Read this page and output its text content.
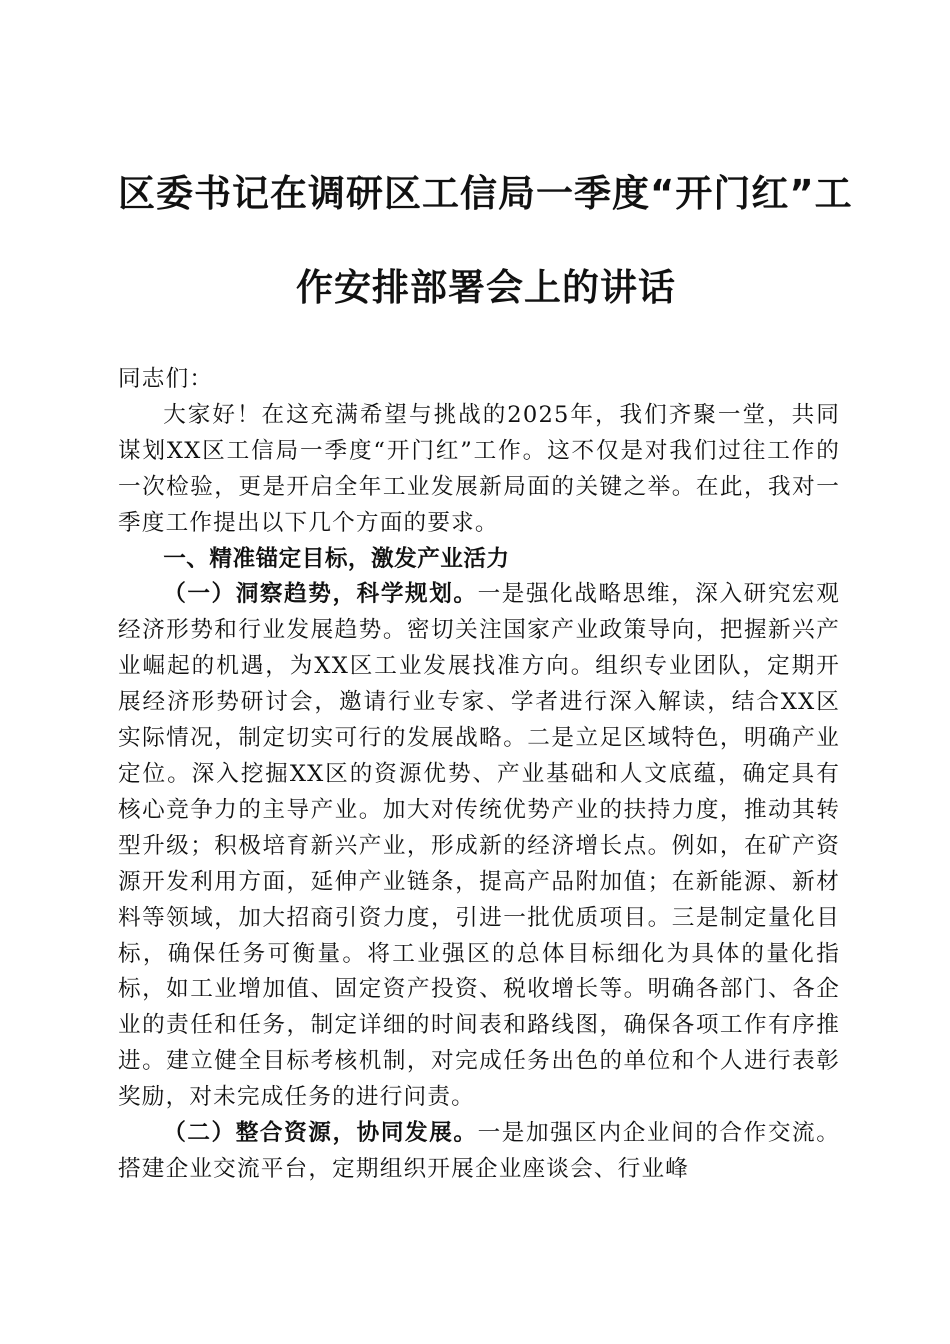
区委书记在调研区工信局一季度“开门红”工
作安排部署会上的讲话

同志们：

大家好！在这充满希望与挑战的2025年，我们齐聚一堂，共同谋划XX区工信局一季度“开门红”工作。这不仅是对我们过往工作的一次检验，更是开启全年工业发展新局面的关键之举。在此，我对一季度工作提出以下几个方面的要求。

一、精准锚定目标，激发产业活力

（一）洞察趋势，科学规划。一是强化战略思维，深入研究宏观经济形势和行业发展趋势。密切关注国家产业政策导向，把握新兴产业崛起的机遇，为XX区工业发展找准方向。组织专业团队，定期开展经济形势研讨会，邀请行业专家、学者进行深入解读，结合XX区实际情况，制定切实可行的发展战略。二是立足区域特色，明确产业定位。深入挖掘XX区的资源优势、产业基础和人文底蕴，确定具有核心竞争力的主导产业。加大对传统优势产业的扶持力度，推动其转型升级；积极培育新兴产业，形成新的经济增长点。例如，在矿产资源开发利用方面，延伸产业链条，提高产品附加值；在新能源、新材料等领域，加大招商引资力度，引进一批优质项目。三是制定量化目标，确保任务可衡量。将工业强区的总体目标细化为具体的量化指标，如工业增加值、固定资产投资、税收增长等。明确各部门、各企业的责任和任务，制定详细的时间表和路线图，确保各项工作有序推进。建立健全目标考核机制，对完成任务出色的单位和个人进行表彰奖励，对未完成任务的进行问责。

（二）整合资源，协同发展。一是加强区内企业间的合作交流。搭建企业交流平台，定期组织开展企业座谈会、行业峰
